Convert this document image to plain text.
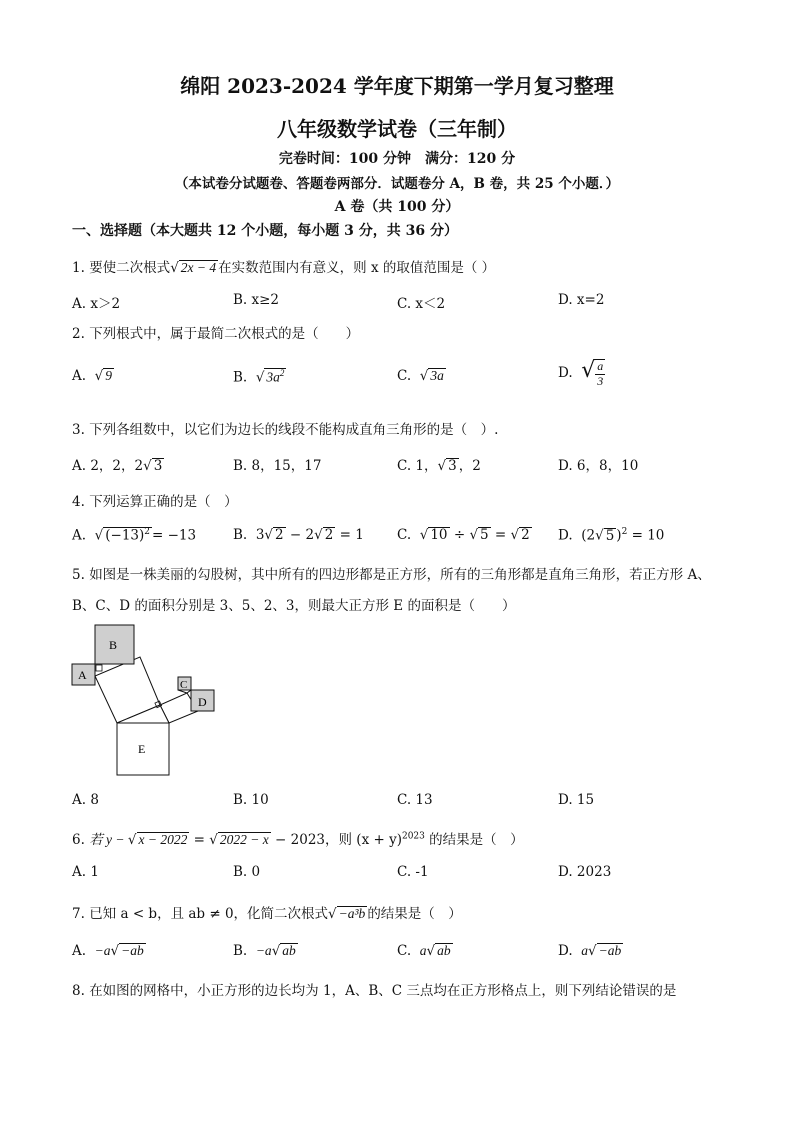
绵阳 2023-2024 学年度下期第一学月复习整理
八年级数学试卷（三年制）
完卷时间：100 分钟　满分：120 分
（本试卷分试题卷、答题卷两部分．试题卷分 A，B 卷，共 25 个小题．）
A 卷（共 100 分）
一、选择题（本大题共 12 个小题，每小题 3 分，共 36 分）
1. 要使二次根式√ 2x − 4 在实数范围内有意义，则 x 的取值范围是（ ）
A. x＞2	B. x≥2	C. x＜2	D. x=2
2. 下列根式中，属于最简二次根式的是（　　）
A. √ 9	B. √ $3a^2$	C. √ 3a	D. √ $\frac{a}{3}$
3. 下列各组数中，以它们为边长的线段不能构成直角三角形的是（　）.
A. 2，2，2√ 3	B. 8，15，17	C. 1，√ 3 ，2	D. 6，8，10
4. 下列运算正确的是（　）
A. √ $(-13)^2 = -13$	B. 3√ 2 − 2√ 2 = 1 C. √ 10 ÷ √ 5 = √ 2 D. (2√ 5 )$^2$ = 10
5. 如图是一株美丽的勾股树，其中所有的四边形都是正方形，所有的三角形都是直角三角形，若正方形 A、
B、C、D 的面积分别是 3、5、2、3，则最大正方形 E 的面积是（　　）
A
B
C
D
E
A. 8	B. 10	C. 13	D. 15
6. 若 y − √ x − 2022 = √ 2022 − x − 2023，则 $(x + y)^{2023}$ 的结果是（　）
A. 1	B. 0	C. -1	D. 2023
7. 已知 a < b，且 ab ≠ 0，化简二次根式√ −a³b 的结果是（　）
A. −a√ −ab	B. −a√ ab	C. a√ ab	D. a√ −ab
8. 在如图的网格中，小正方形的边长均为 1，A、B、C 三点均在正方形格点上，则下列结论错误的是
